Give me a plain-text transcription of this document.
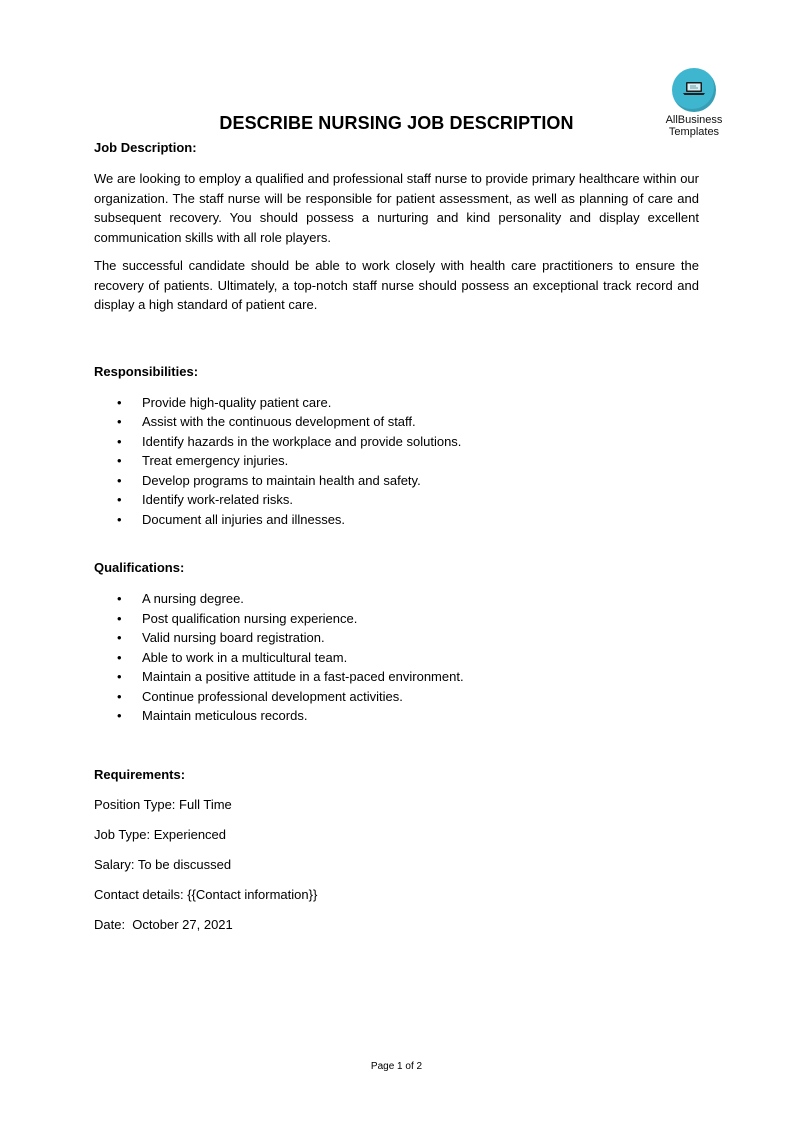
AllBusiness
Templates
DESCRIBE NURSING JOB DESCRIPTION

Job Description:

We are looking to employ a qualified and professional staff nurse to provide primary healthcare within our organization. The staff nurse will be responsible for patient assessment, as well as planning of care and subsequent recovery. You should possess a nurturing and kind personality and display excellent communication skills with all role players.

The successful candidate should be able to work closely with health care practitioners to ensure the recovery of patients. Ultimately, a top-notch staff nurse should possess an exceptional track record and display a high standard of patient care.

Responsibilities:

• Provide high-quality patient care.
• Assist with the continuous development of staff.
• Identify hazards in the workplace and provide solutions.
• Treat emergency injuries.
• Develop programs to maintain health and safety.
• Identify work-related risks.
• Document all injuries and illnesses.

Qualifications:

• A nursing degree.
• Post qualification nursing experience.
• Valid nursing board registration.
• Able to work in a multicultural team.
• Maintain a positive attitude in a fast-paced environment.
• Continue professional development activities.
• Maintain meticulous records.

Requirements:

Position Type: Full Time

Job Type: Experienced

Salary: To be discussed

Contact details: {{Contact information}}

Date:  October 27, 2021

Page 1 of 2
